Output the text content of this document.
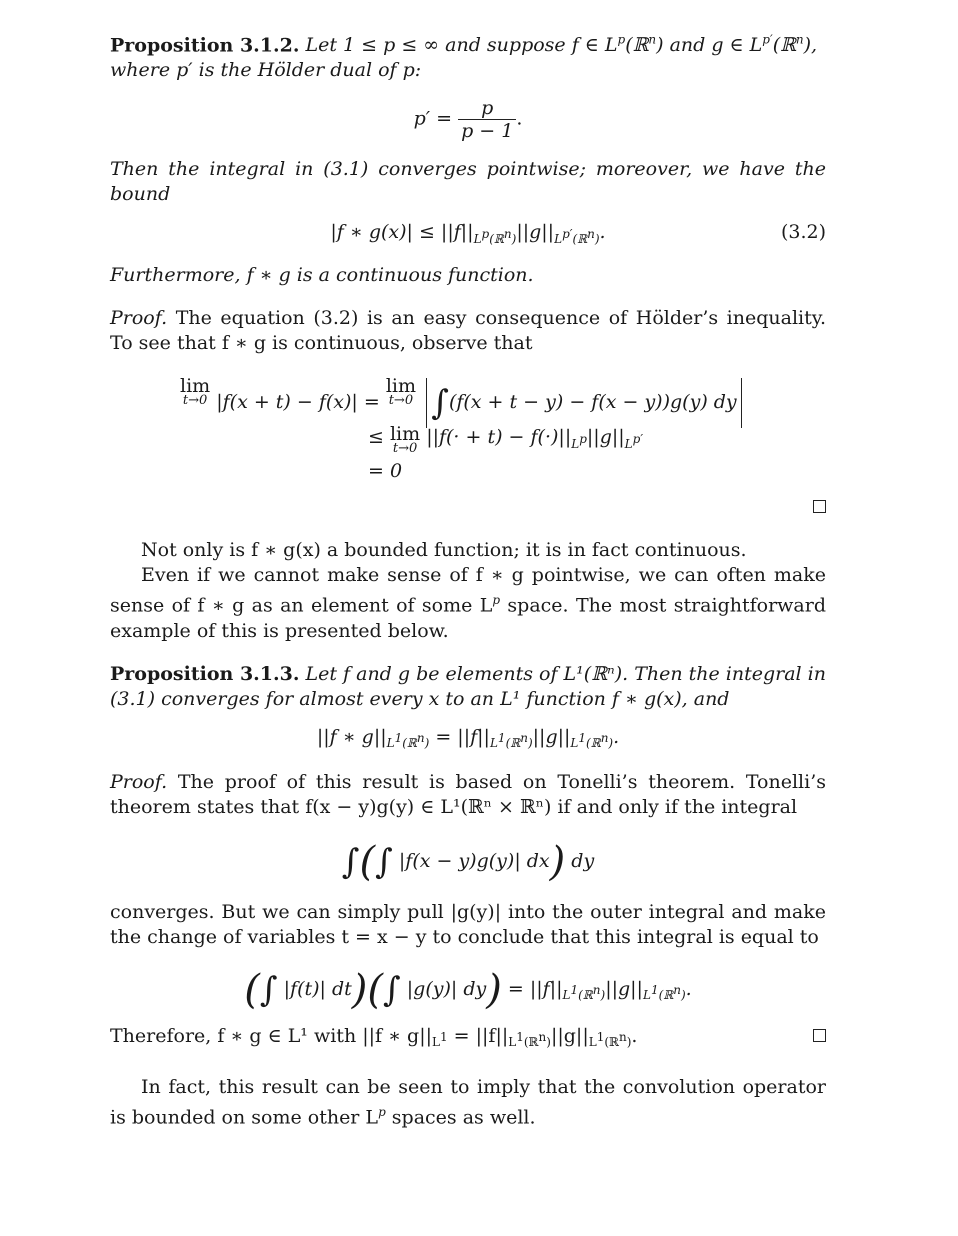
Proposition 3.1.2. Let 1 ≤ p ≤ ∞ and suppose f ∈ $L^p(ℝ^n)$ and g ∈ $L^{p'}(ℝ^n)$,
where p′ is the Hölder dual of p:

$p' = \frac{p}{p - 1}$ .

Then the integral in (3.1) converges pointwise; moreover, we have the bound

|f ∗ $g(x)| \le ||f||_{L^p(ℝ^n)}||g||_{L^{p'}(ℝ^n)}$.	(3.2)

Furthermore, f ∗ g is a continuous function.

Proof. The equation (3.2) is an easy consequence of Hölder’s inequality. To see that f ∗ g is continuous, observe that

lim
t→0 |f(x + t) − f(x)| =
lim
t→0 ∫(f(x + t − y) − f(x − y))g(y) dy
≤ lim
t→0
$||f(\cdot + t) - f(\cdot)||_{L^p}||g||_{L^{p'}}$
= 0

Not only is f ∗ g(x) a bounded function; it is in fact continuous.

Even if we cannot make sense of f ∗ g pointwise, we can often make sense of f ∗ g as an element of some $L^p$ space. The most straightforward example of this is presented below.

Proposition 3.1.3. Let f and g be elements of L¹(ℝⁿ). Then the integral in (3.1) converges for almost every x to an L¹ function f ∗ g(x), and

||f ∗ $g||_{L^1(ℝ^n)} = ||f||_{L^1(ℝ^n)}||g||_{L^1(ℝ^n)}$.

Proof. The proof of this result is based on Tonelli’s theorem. Tonelli’s theorem states that f(x − y)g(y) ∈ L¹(ℝⁿ × ℝⁿ) if and only if the integral

∫(∫ |f(x − y)g(y)| dx) dy

converges. But we can simply pull |g(y)| into the outer integral and make the change of variables t = x − y to conclude that this integral is equal to

(∫ |f(t)| dt)(∫ |g(y)| $dy) = ||f||_{L^1(ℝ^n)}||g||_{L^1(ℝ^n)}$.

Therefore, f ∗ g ∈ L¹ with ||f ∗ $g||_{L^1} = ||f||_{L^1(ℝ^n)}||g||_{L^1(ℝ^n)}$.

In fact, this result can be seen to imply that the convolution operator is bounded on some other $L^p$ spaces as well.
